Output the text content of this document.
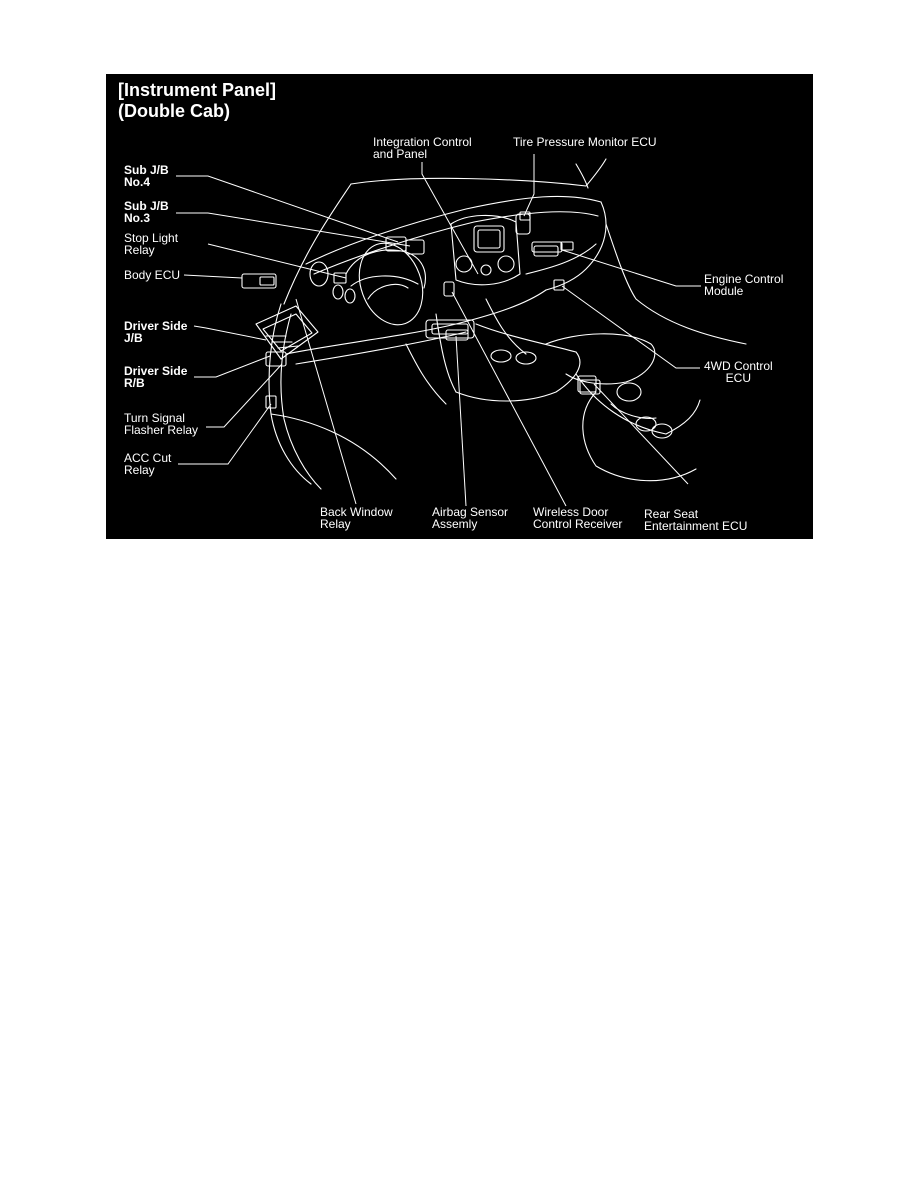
[Instrument Panel]
(Double Cab)
Sub J/B
No.4
Sub J/B
No.3
Stop Light
Relay
Body ECU
Driver Side
J/B
Driver Side
R/B
Turn Signal
Flasher Relay
ACC Cut
Relay
Integration Control
and Panel
Tire Pressure Monitor ECU
Engine Control
Module
4WD Control
ECU
Back Window
Relay
Airbag Sensor
Assemly
Wireless Door
Control Receiver
Rear Seat
Entertainment ECU
